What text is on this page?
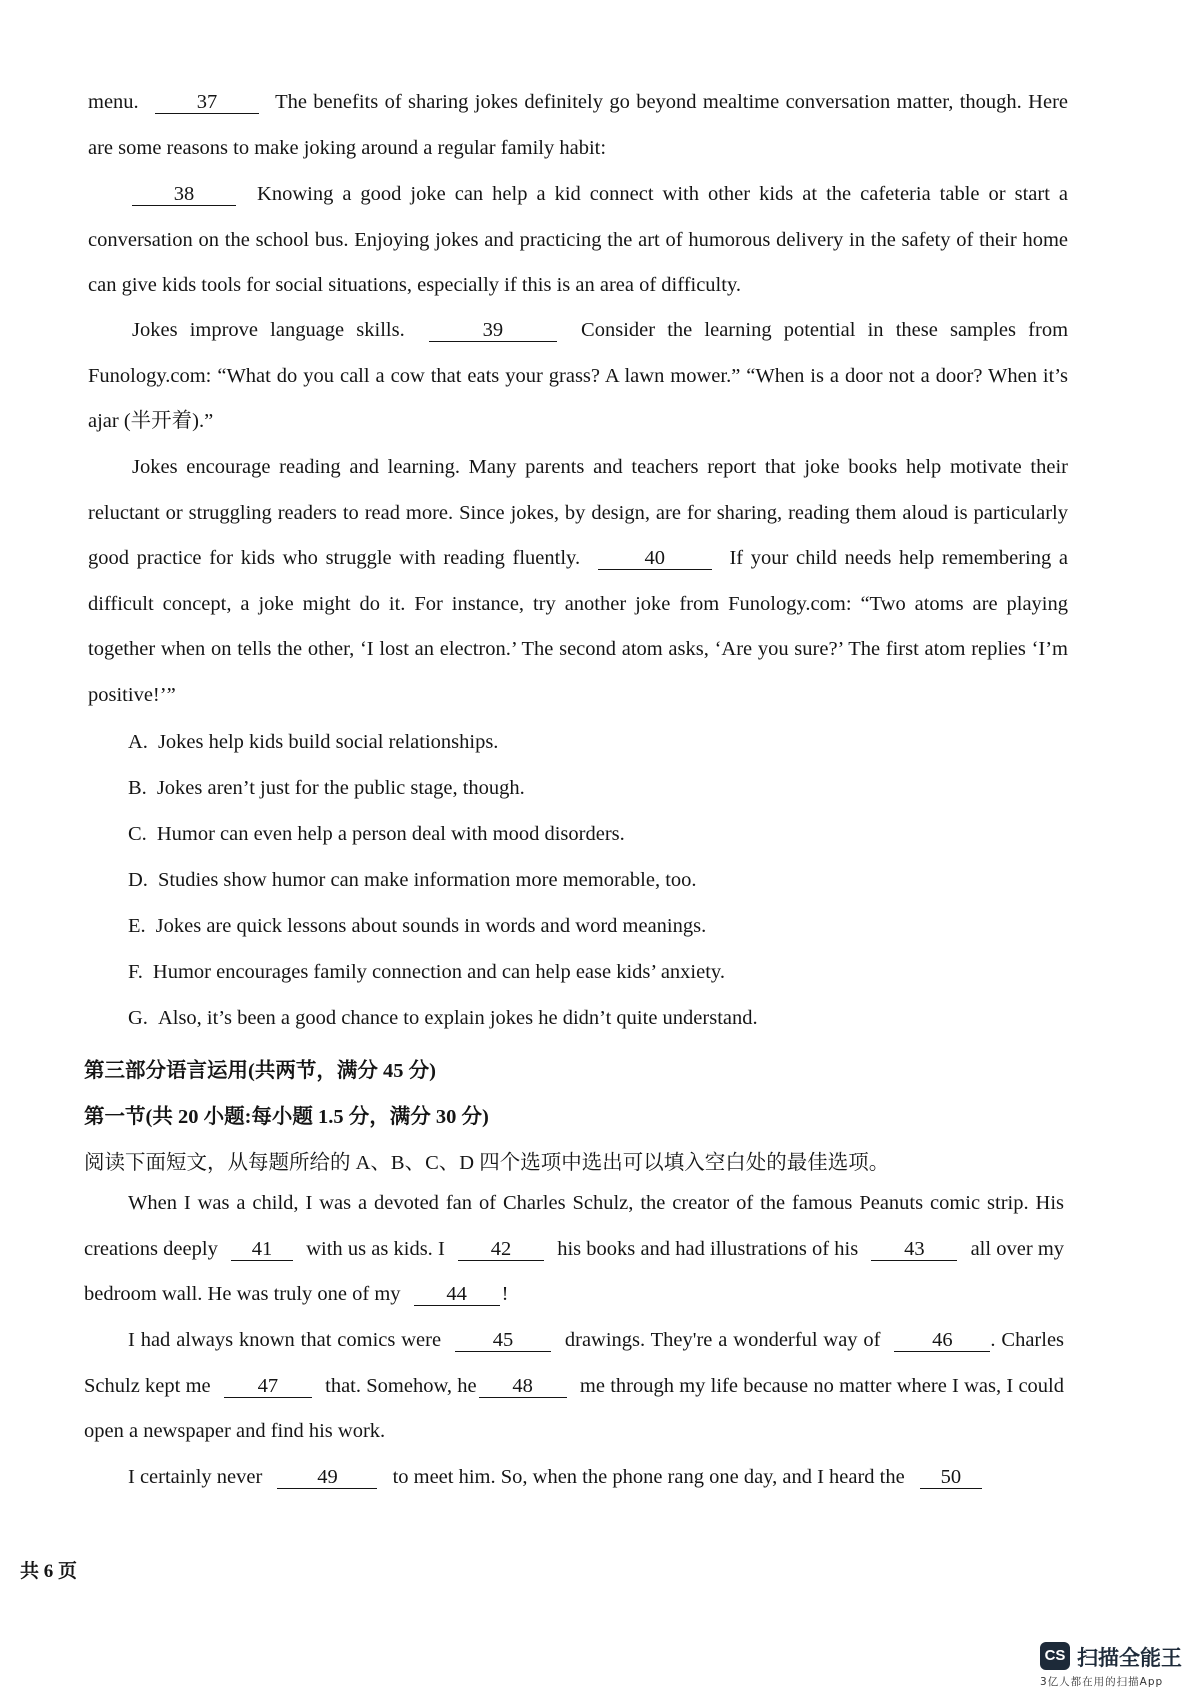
menu.	37	The benefits of sharing jokes definitely go beyond mealtime conversation matter, though. Here are some reasons to make joking around a regular family habit:

38	Knowing a good joke can help a kid connect with other kids at the cafeteria table or start a conversation on the school bus. Enjoying jokes and practicing the art of humorous delivery in the safety of their home can give kids tools for social situations, especially if this is an area of difficulty.

Jokes improve language skills.	39	Consider the learning potential in these samples from Funology.com: “What do you call a cow that eats your grass? A lawn mower.” “When is a door not a door? When it’s ajar (半开着).”

Jokes encourage reading and learning. Many parents and teachers report that joke books help motivate their reluctant or struggling readers to read more. Since jokes, by design, are for sharing, reading them aloud is particularly good practice for kids who struggle with reading fluently.	40	If your child needs help remembering a difficult concept, a joke might do it. For instance, try another joke from Funology.com: “Two atoms are playing together when on tells the other, ‘I lost an electron.’ The second atom asks, ‘Are you sure?’ The first atom replies ‘I’m positive!’”

A. Jokes help kids build social relationships.

B. Jokes aren’t just for the public stage, though.

C. Humor can even help a person deal with mood disorders.

D. Studies show humor can make information more memorable, too.

E. Jokes are quick lessons about sounds in words and word meanings.

F. Humor encourages family connection and can help ease kids’ anxiety.

G. Also, it’s been a good chance to explain jokes he didn’t quite understand.

第三部分语言运用(共两节，满分 45 分)

第一节(共 20 小题:每小题 1.5 分，满分 30 分)

阅读下面短文，从每题所给的 A、B、C、D 四个选项中选出可以填入空白处的最佳选项。

When I was a child, I was a devoted fan of Charles Schulz, the creator of the famous Peanuts comic strip. His creations deeply 41 with us as kids. I 42 his books and had illustrations of his 43 all over my bedroom wall. He was truly one of my 44 !

I had always known that comics were	45	drawings. They're a wonderful way of	46 . Charles Schulz kept me 47 that. Somehow, he 48 me through my life because no matter where I was, I could open a newspaper and find his work.

I certainly never	49	to meet him. So, when the phone rang one day, and I heard the 50

共 6 页
CS 扫描全能王
3亿人都在用的扫描App
